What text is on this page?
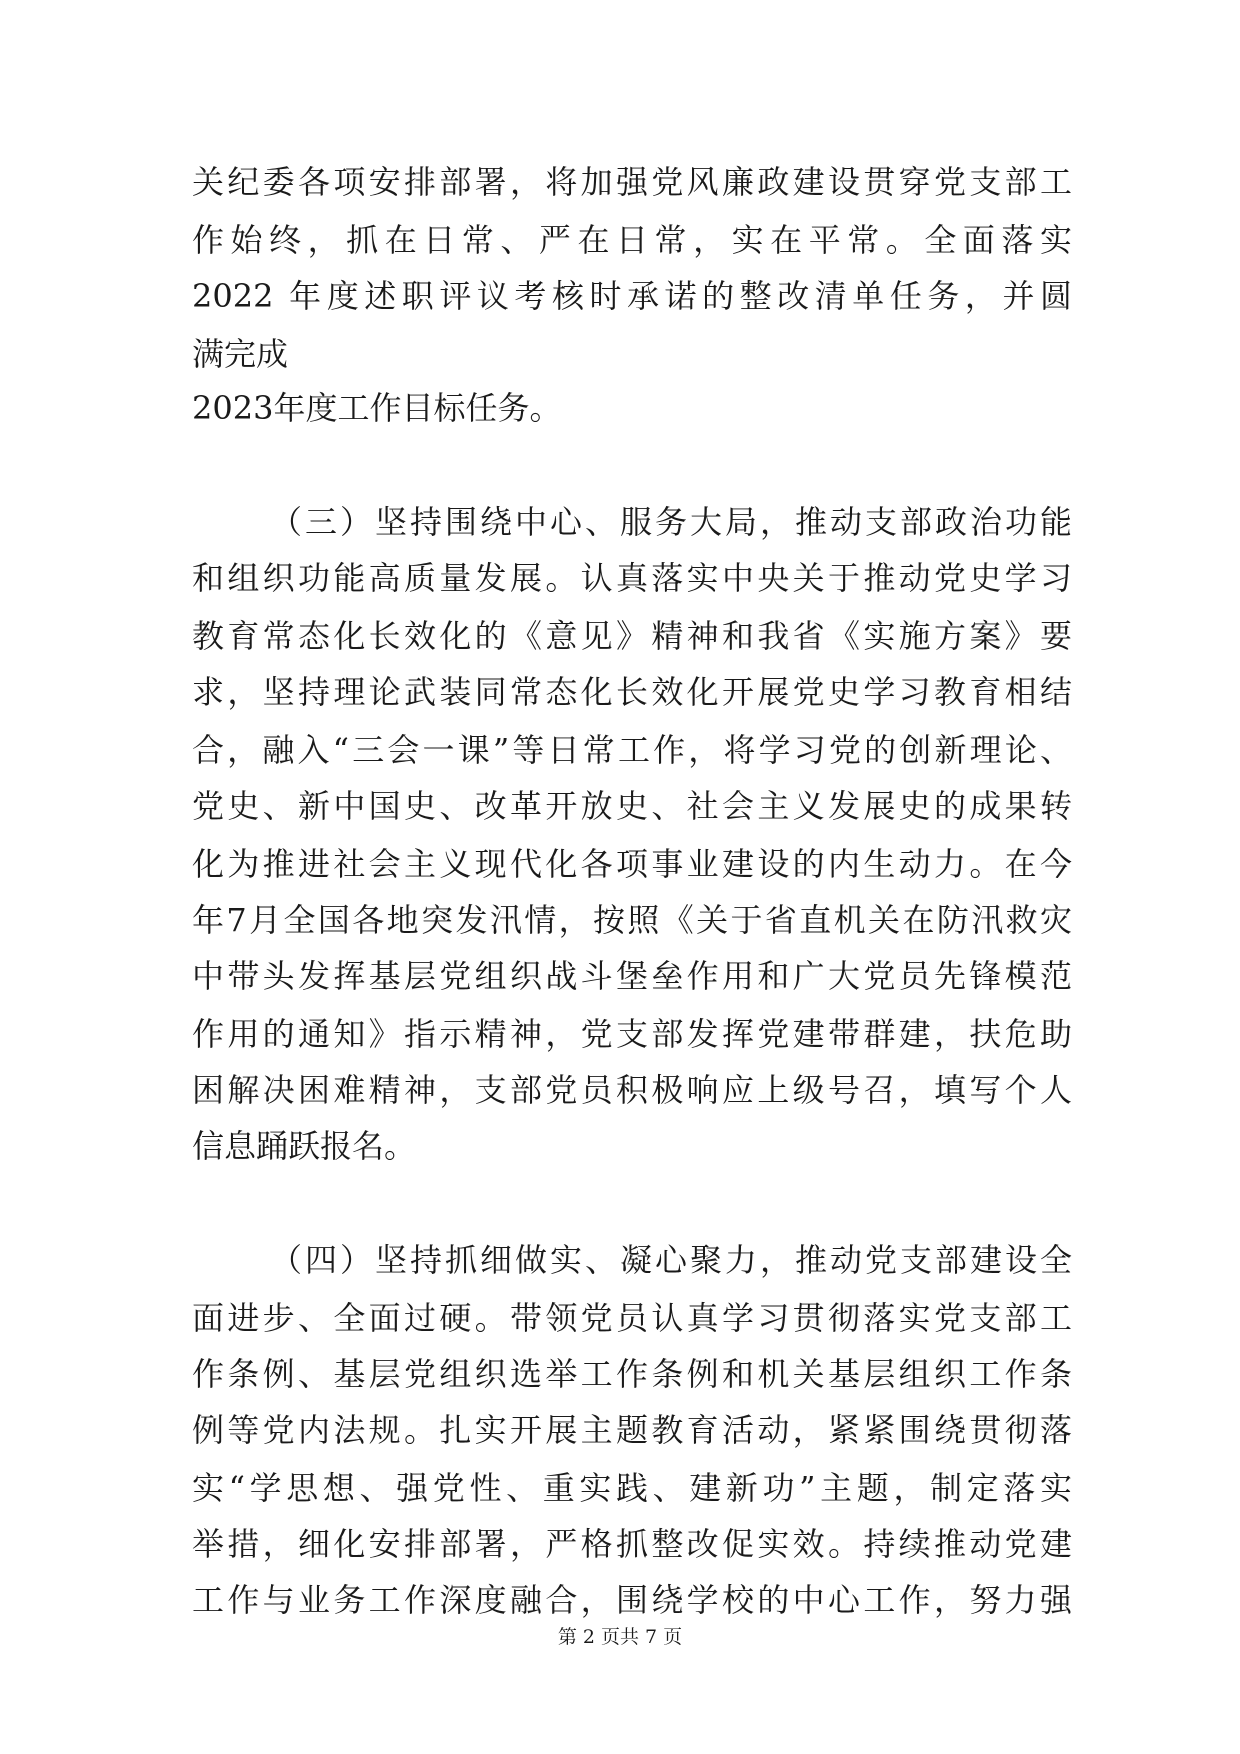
关纪委各项安排部署，将加强党风廉政建设贯穿党支部工
作始终，抓在日常、严在日常，实在平常。全面落实
2022 年度述职评议考核时承诺的整改清单任务，并圆
满完成
2023年度工作目标任务。
（三）坚持围绕中心、服务大局，推动支部政治功能
和组织功能高质量发展。认真落实中央关于推动党史学习
教育常态化长效化的《意见》精神和我省《实施方案》要
求，坚持理论武装同常态化长效化开展党史学习教育相结
合，融入“三会一课”等日常工作，将学习党的创新理论、
党史、新中国史、改革开放史、社会主义发展史的成果转
化为推进社会主义现代化各项事业建设的内生动力。在今
年7月全国各地突发汛情，按照《关于省直机关在防汛救灾
中带头发挥基层党组织战斗堡垒作用和广大党员先锋模范
作用的通知》指示精神，党支部发挥党建带群建，扶危助
困解决困难精神，支部党员积极响应上级号召，填写个人
信息踊跃报名。
（四）坚持抓细做实、凝心聚力，推动党支部建设全
面进步、全面过硬。带领党员认真学习贯彻落实党支部工
作条例、基层党组织选举工作条例和机关基层组织工作条
例等党内法规。扎实开展主题教育活动，紧紧围绕贯彻落
实“学思想、强党性、重实践、建新功”主题，制定落实
举措，细化安排部署，严格抓整改促实效。持续推动党建
工作与业务工作深度融合，围绕学校的中心工作，努力强
第 2 页共 7 页
